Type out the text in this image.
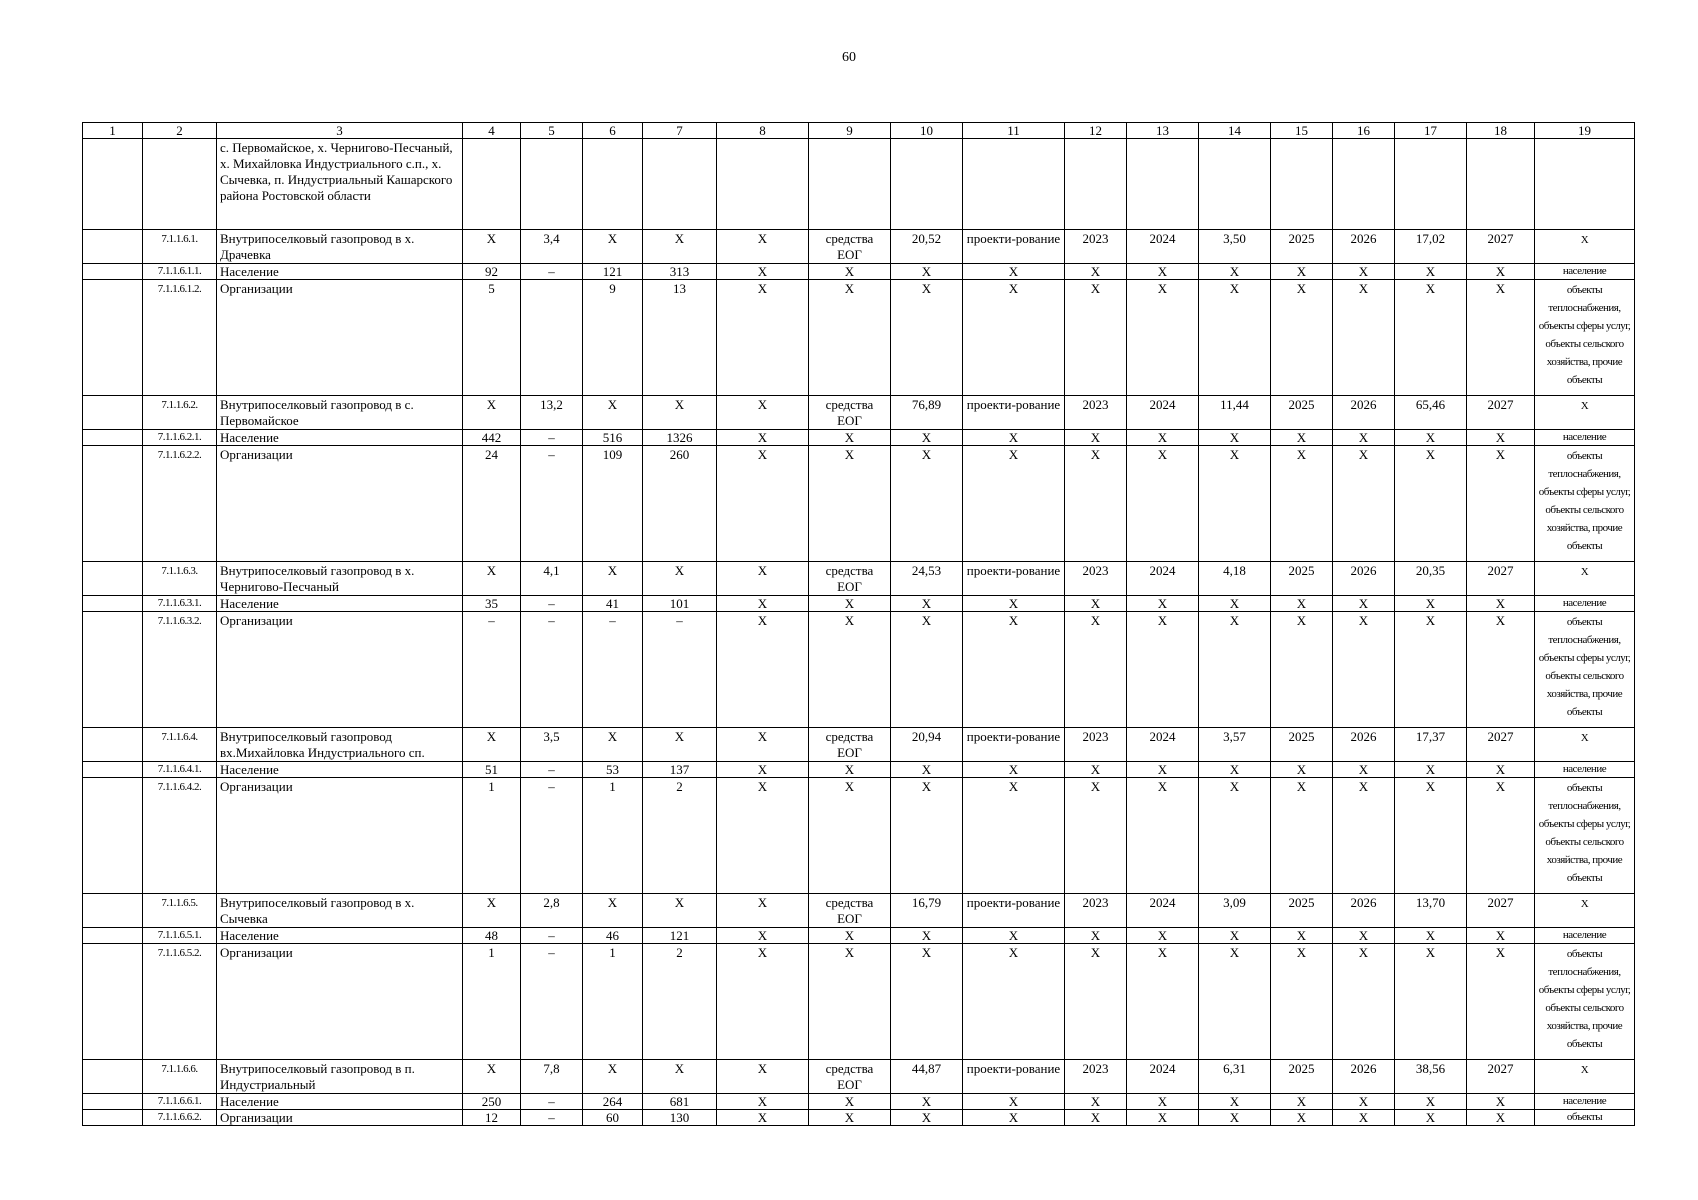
60
1	2	3	4	5	6	7	8	9	10	11	12	13	14	15	16	17	18	19
		с. Первомайское, х. Чернигово-Песчаный, х. Михайловка Индустриального с.п., х. Сычевка, п. Индустриальный Кашарского района Ростовской области																
	7.1.1.6.1.	Внутрипоселковый газопровод в х. Драчевка	X	3,4	X	X	X	средства ЕОГ	20,52	проекти-рование	2023	2024	3,50	2025	2026	17,02	2027	X
	7.1.1.6.1.1.	Население	92	–	121	313	X	X	X	X	X	X	X	X	X	X	X	население
	7.1.1.6.1.2.	Организации	5		9	13	X	X	X	X	X	X	X	X	X	X	X	объекты теплоснабжения, объекты сферы услуг, объекты сельского хозяйства, прочие объекты
	7.1.1.6.2.	Внутрипоселковый газопровод в с. Первомайское	X	13,2	X	X	X	средства ЕОГ	76,89	проекти-рование	2023	2024	11,44	2025	2026	65,46	2027	X
	7.1.1.6.2.1.	Население	442	–	516	1326	X	X	X	X	X	X	X	X	X	X	X	население
	7.1.1.6.2.2.	Организации	24	–	109	260	X	X	X	X	X	X	X	X	X	X	X	объекты теплоснабжения, объекты сферы услуг, объекты сельского хозяйства, прочие объекты
	7.1.1.6.3.	Внутрипоселковый газопровод в х. Чернигово-Песчаный	X	4,1	X	X	X	средства ЕОГ	24,53	проекти-рование	2023	2024	4,18	2025	2026	20,35	2027	X
	7.1.1.6.3.1.	Население	35	–	41	101	X	X	X	X	X	X	X	X	X	X	X	население
	7.1.1.6.3.2.	Организации	–	–	–	–	X	X	X	X	X	X	X	X	X	X	X	объекты теплоснабжения, объекты сферы услуг, объекты сельского хозяйства, прочие объекты
	7.1.1.6.4.	Внутрипоселковый газопровод вх.Михайловка Индустриального сп.	X	3,5	X	X	X	средства ЕОГ	20,94	проекти-рование	2023	2024	3,57	2025	2026	17,37	2027	X
	7.1.1.6.4.1.	Население	51	–	53	137	X	X	X	X	X	X	X	X	X	X	X	население
	7.1.1.6.4.2.	Организации	1	–	1	2	X	X	X	X	X	X	X	X	X	X	X	объекты теплоснабжения, объекты сферы услуг, объекты сельского хозяйства, прочие объекты
	7.1.1.6.5.	Внутрипоселковый газопровод в х. Сычевка	X	2,8	X	X	X	средства ЕОГ	16,79	проекти-рование	2023	2024	3,09	2025	2026	13,70	2027	X
	7.1.1.6.5.1.	Население	48	–	46	121	X	X	X	X	X	X	X	X	X	X	X	население
	7.1.1.6.5.2.	Организации	1	–	1	2	X	X	X	X	X	X	X	X	X	X	X	объекты теплоснабжения, объекты сферы услуг, объекты сельского хозяйства, прочие объекты
	7.1.1.6.6.	Внутрипоселковый газопровод в п. Индустриальный	X	7,8	X	X	X	средства ЕОГ	44,87	проекти-рование	2023	2024	6,31	2025	2026	38,56	2027	X
	7.1.1.6.6.1.	Население	250	–	264	681	X	X	X	X	X	X	X	X	X	X	X	население
	7.1.1.6.6.2.	Организации	12	–	60	130	X	X	X	X	X	X	X	X	X	X	X	объекты
